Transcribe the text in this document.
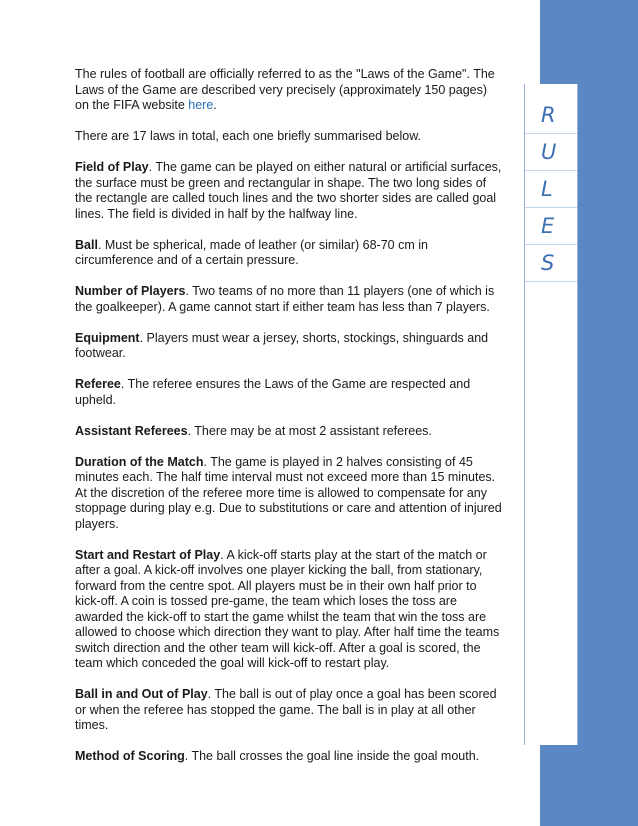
R
U
L
E
S

The rules of football are officially referred to as the "Laws of the Game". The Laws of the Game are described very precisely (approximately 150 pages) on the FIFA website here.

There are 17 laws in total, each one briefly summarised below.

Field of Play. The game can be played on either natural or artificial surfaces, the surface must be green and rectangular in shape. The two long sides of the rectangle are called touch lines and the two shorter sides are called goal lines. The field is divided in half by the halfway line.

Ball. Must be spherical, made of leather (or similar) 68-70 cm in circumference and of a certain pressure.

Number of Players. Two teams of no more than 11 players (one of which is the goalkeeper). A game cannot start if either team has less than 7 players.

Equipment. Players must wear a jersey, shorts, stockings, shinguards and footwear.

Referee. The referee ensures the Laws of the Game are respected and upheld.

Assistant Referees. There may be at most 2 assistant referees.

Duration of the Match. The game is played in 2 halves consisting of 45 minutes each. The half time interval must not exceed more than 15 minutes. At the discretion of the referee more time is allowed to compensate for any stoppage during play e.g. Due to substitutions or care and attention of injured players.

Start and Restart of Play. A kick-off starts play at the start of the match or after a goal. A kick-off involves one player kicking the ball, from stationary, forward from the centre spot. All players must be in their own half prior to kick-off. A coin is tossed pre-game, the team which loses the toss are awarded the kick-off to start the game whilst the team that win the toss are allowed to choose which direction they want to play. After half time the teams switch direction and the other team will kick-off. After a goal is scored, the team which conceded the goal will kick-off to restart play.

Ball in and Out of Play. The ball is out of play once a goal has been scored or when the referee has stopped the game. The ball is in play at all other times.

Method of Scoring. The ball crosses the goal line inside the goal mouth.
